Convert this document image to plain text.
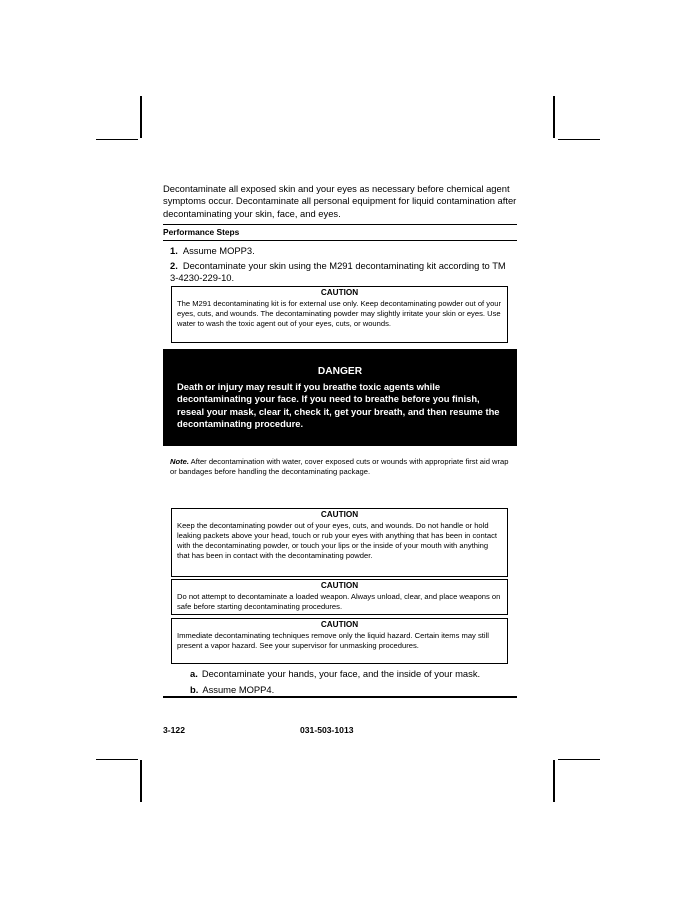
Decontaminate all exposed skin and your eyes as necessary before chemical agent symptoms occur. Decontaminate all personal equipment for liquid contamination after decontaminating your skin, face, and eyes.
Performance Steps
1. Assume MOPP3.
2. Decontaminate your skin using the M291 decontaminating kit according to TM 3-4230-229-10.
CAUTION
The M291 decontaminating kit is for external use only. Keep decontaminating powder out of your eyes, cuts, and wounds. The decontaminating powder may slightly irritate your skin or eyes. Use water to wash the toxic agent out of your eyes, cuts, or wounds.
DANGER
Death or injury may result if you breathe toxic agents while decontaminating your face. If you need to breathe before you finish, reseal your mask, clear it, check it, get your breath, and then resume the decontaminating procedure.
Note. After decontamination with water, cover exposed cuts or wounds with appropriate first aid wrap or bandages before handling the decontaminating package.
CAUTION
Keep the decontaminating powder out of your eyes, cuts, and wounds. Do not handle or hold leaking packets above your head, touch or rub your eyes with anything that has been in contact with the decontaminating powder, or touch your lips or the inside of your mouth with anything that has been in contact with the decontaminating powder.
CAUTION
Do not attempt to decontaminate a loaded weapon. Always unload, clear, and place weapons on safe before starting decontaminating procedures.
CAUTION
Immediate decontaminating techniques remove only the liquid hazard. Certain items may still present a vapor hazard. See your supervisor for unmasking procedures.
a. Decontaminate your hands, your face, and the inside of your mask.
b. Assume MOPP4.
3-122	031-503-1013
